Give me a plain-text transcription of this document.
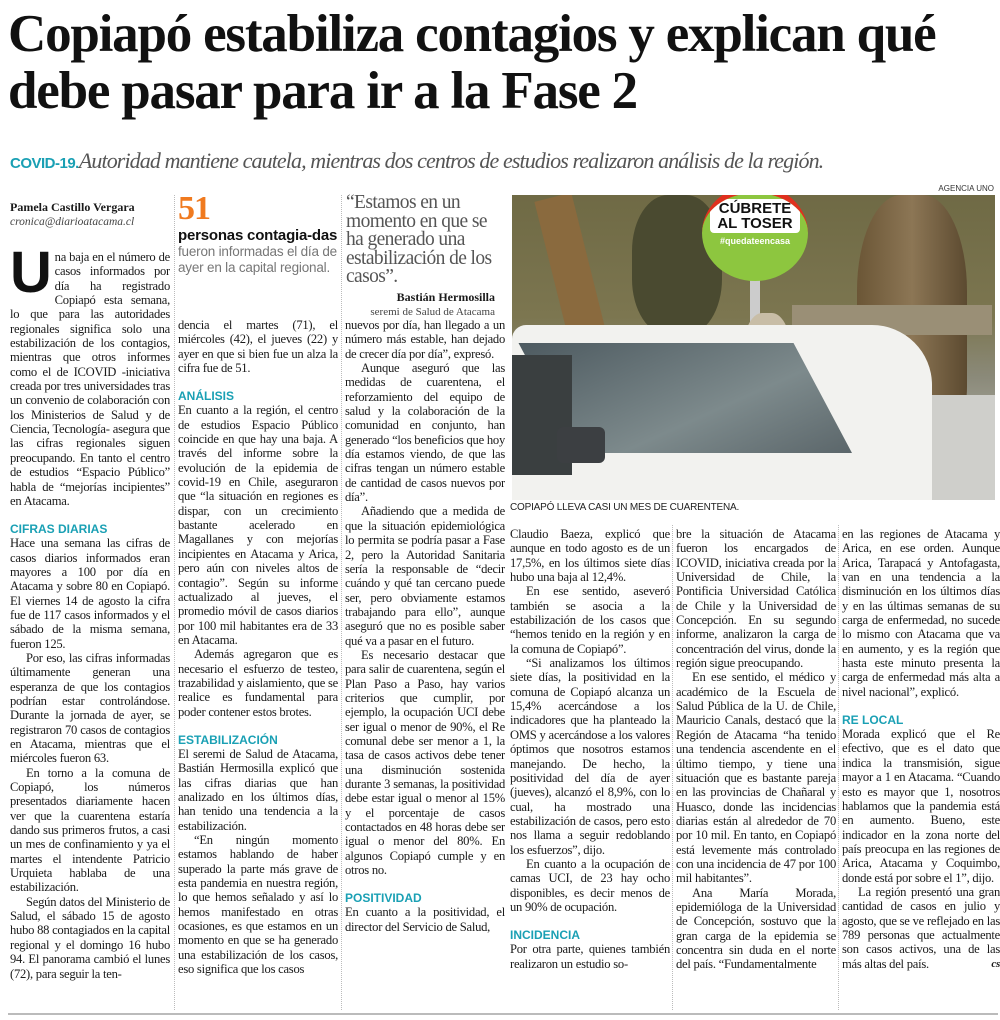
Copiapó estabiliza contagios y explican qué debe pasar para ir a la Fase 2
COVID-19.Autoridad mantiene cautela, mientras dos centros de estudios realizaron análisis de la región.
Pamela Castillo Vergara
cronica@diarioatacama.cl	51
personas contagia-das fueron informadas el día de ayer en la capital regional.
“Estamos en un momento en que se ha generado una estabilización de los casos”.
Bastián Hermosilla
seremi de Salud de Atacama
AGENCIA UNO
CÚBRETE
AL TOSER
#quedateencasa
COPIAPÓ LLEVA CASI UN MES DE CUARENTENA.

Una baja en el número de casos informados por día ha registrado Copiapó esta semana, lo que para las autoridades regionales significa solo una estabilización de los contagios, mientras que otros informes como el de ICOVID -iniciativa creada por tres universidades tras un convenio de colaboración con los Ministerios de Salud y de Ciencia, Tecnología- asegura que las cifras regionales siguen preocupando. En tanto el centro de estudios “Espacio Público” habla de “mejorías incipientes” en Atacama.

CIFRAS DIARIAS

Hace una semana las cifras de casos diarios informados eran mayores a 100 por día en Atacama y sobre 80 en Copiapó. El viernes 14 de agosto la cifra fue de 117 casos informados y el sábado de la misma semana, fueron 125.

Por eso, las cifras informadas últimamente generan una esperanza de que los contagios podrían estar controlándose. Durante la jornada de ayer, se registraron 70 casos de contagios en Atacama, mientras que el miércoles fueron 63.

En torno a la comuna de Copiapó, los números presentados diariamente hacen ver que la cuarentena estaría dando sus primeros frutos, a casi un mes de confinamiento y ya el martes el intendente Patricio Urquieta hablaba de una estabilización.

Según datos del Ministerio de Salud, el sábado 15 de agosto hubo 88 contagiados en la capital regional y el domingo 16 hubo 94. El panorama cambió el lunes (72), para seguir la ten-

dencia el martes (71), el miércoles (42), el jueves (22) y ayer en que si bien fue un alza la cifra fue de 51.

ANÁLISIS

En cuanto a la región, el centro de estudios Espacio Público coincide en que hay una baja. A través del informe sobre la evolución de la epidemia de covid-19 en Chile, aseguraron que “la situación en regiones es dispar, con un crecimiento bastante acelerado en Magallanes y con mejorías incipientes en Atacama y Arica, pero aún con niveles altos de contagio”. Según su informe actualizado al jueves, el promedio móvil de casos diarios por 100 mil habitantes era de 33 en Atacama.

Además agregaron que es necesario el esfuerzo de testeo, trazabilidad y aislamiento, que se realice es fundamental para poder contener estos brotes.

ESTABILIZACIÓN

El seremi de Salud de Atacama, Bastián Hermosilla explicó que las cifras diarias que han analizado en los últimos días, han tenido una tendencia a la estabilización.

“En ningún momento estamos hablando de haber superado la parte más grave de esta pandemia en nuestra región, lo que hemos señalado y así lo hemos manifestado en otras ocasiones, es que estamos en un momento en que se ha generado una estabilización de los casos, eso significa que los casos

nuevos por día, han llegado a un número más estable, han dejado de crecer día por día”, expresó.

Aunque aseguró que las medidas de cuarentena, el reforzamiento del equipo de salud y la colaboración de la comunidad en conjunto, han generado “los beneficios que hoy día estamos viendo, de que las cifras tengan un número estable de cantidad de casos nuevos por día”.

Añadiendo que a medida de que la situación epidemiológica lo permita se podría pasar a Fase 2, pero la Autoridad Sanitaria sería la responsable de “decir cuándo y qué tan cercano puede ser, pero obviamente estamos trabajando para ello”, aunque aseguró que no es posible saber qué va a pasar en el futuro.

Es necesario destacar que para salir de cuarentena, según el Plan Paso a Paso, hay varios criterios que cumplir, por ejemplo, la ocupación UCI debe ser igual o menor de 90%, el Re comunal debe ser menor a 1, la tasa de casos activos debe tener una disminución sostenida durante 3 semanas, la positividad debe estar igual o menor al 15% y el porcentaje de casos contactados en 48 horas debe ser igual o menor del 80%. En algunos Copiapó cumple y en otros no.

POSITIVIDAD

En cuanto a la positividad, el director del Servicio de Salud,

Claudio Baeza, explicó que aunque en todo agosto es de un 17,5%, en los últimos siete días hubo una baja al 12,4%.

En ese sentido, aseveró también se asocia a la estabilización de los casos que “hemos tenido en la región y en la comuna de Copiapó”.

“Si analizamos los últimos siete días, la positividad en la comuna de Copiapó alcanza un 15,4% acercándose a los indicadores que ha planteado la OMS y acercándose a los valores óptimos que nosotros estamos manejando. De hecho, la positividad del día de ayer (jueves), alcanzó el 8,9%, con lo cual, ha mostrado una estabilización de casos, pero esto nos llama a seguir redoblando los esfuerzos”, dijo.

En cuanto a la ocupación de camas UCI, de 23 hay ocho disponibles, es decir menos de un 90% de ocupación.

INCIDENCIA

Por otra parte, quienes también realizaron un estudio so-

bre la situación de Atacama fueron los encargados de ICOVID, iniciativa creada por la Universidad de Chile, la Pontificia Universidad Católica de Chile y la Universidad de Concepción. En su segundo informe, analizaron la carga de concentración del virus, donde la región sigue preocupando.

En ese sentido, el médico y académico de la Escuela de Salud Pública de la U. de Chile, Mauricio Canals, destacó que la Región de Atacama “ha tenido una tendencia ascendente en el último tiempo, y tiene una situación que es bastante pareja en las provincias de Chañaral y Huasco, donde las incidencias diarias están al alrededor de 70 por 10 mil. En tanto, en Copiapó está levemente más controlado con una incidencia de 47 por 100 mil habitantes”.

Ana María Morada, epidemióloga de la Universidad de Concepción, sostuvo que la gran carga de la epidemia se concentra sin duda en el norte del país. “Fundamentalmente

en las regiones de Atacama y Arica, en ese orden. Aunque Arica, Tarapacá y Antofagasta, van en una tendencia a la disminución en los últimos días y en las últimas semanas de su carga de enfermedad, no sucede lo mismo con Atacama que va en aumento, y es la región que hasta este minuto presenta la carga de enfermedad más alta a nivel nacional”, explicó.

RE LOCAL

Morada explicó que el Re efectivo, que es el dato que indica la transmisión, sigue mayor a 1 en Atacama. “Cuando esto es mayor que 1, nosotros hablamos que la pandemia está en aumento. Bueno, este indicador en la zona norte del país preocupa en las regiones de Arica, Atacama y Coquimbo, donde está por sobre el 1”, dijo.

La región presentó una gran cantidad de casos en julio y agosto, que se ve reflejado en las 789 personas que actualmente son casos activos, una de las más altas del país.	cs
